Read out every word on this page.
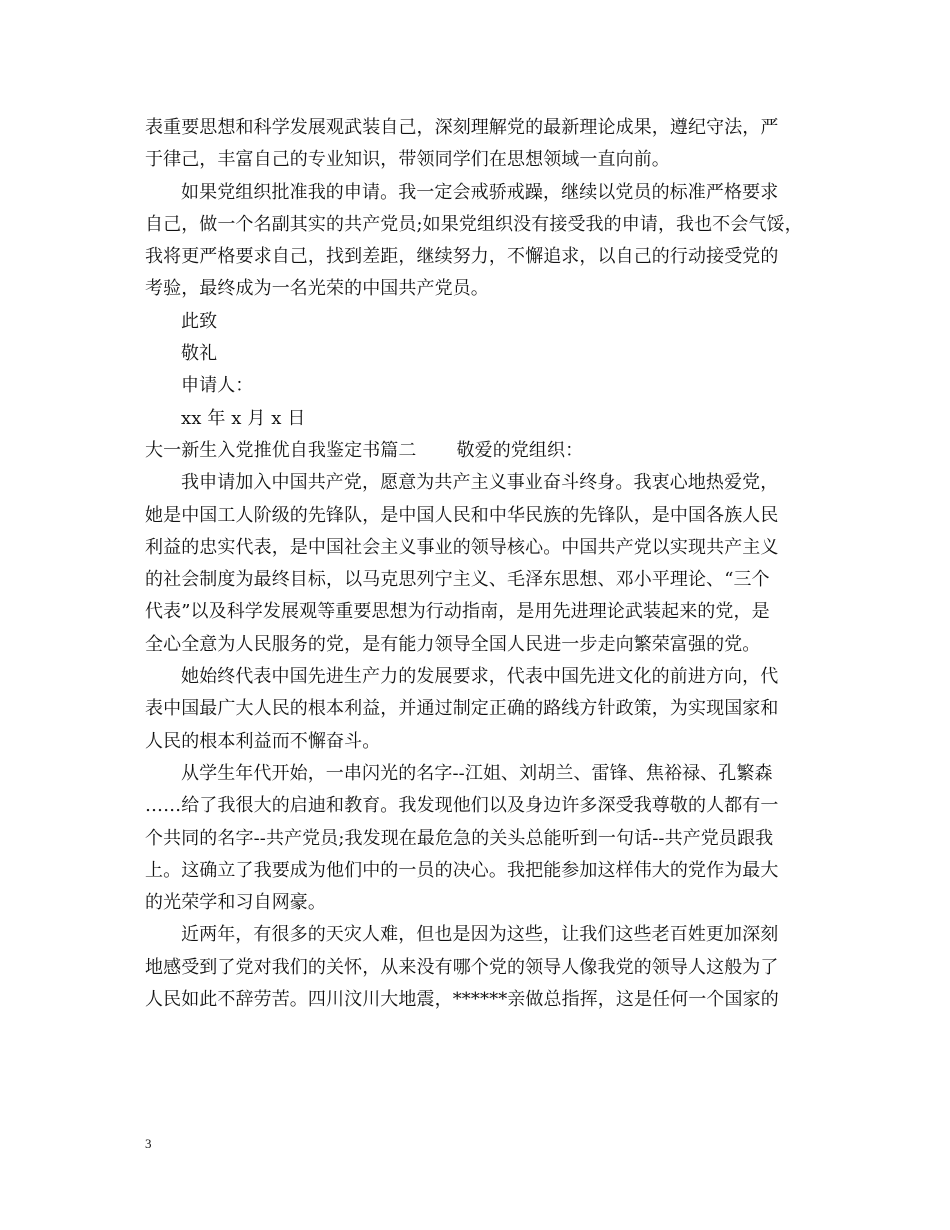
表重要思想和科学发展观武装自己，深刻理解党的最新理论成果，遵纪守法，严
于律己，丰富自己的专业知识，带领同学们在思想领域一直向前。
如果党组织批准我的申请。我一定会戒骄戒躁，继续以党员的标准严格要求
自己，做一个名副其实的共产党员;如果党组织没有接受我的申请，我也不会气馁，
我将更严格要求自己，找到差距，继续努力，不懈追求，以自己的行动接受党的
考验，最终成为一名光荣的中国共产党员。
此致
敬礼
申请人：
xx 年 x 月 x 日
大一新生入党推优自我鉴定书篇二 敬爱的党组织：
我申请加入中国共产党，愿意为共产主义事业奋斗终身。我衷心地热爱党，
她是中国工人阶级的先锋队，是中国人民和中华民族的先锋队，是中国各族人民
利益的忠实代表，是中国社会主义事业的领导核心。中国共产党以实现共产主义
的社会制度为最终目标，以马克思列宁主义、毛泽东思想、邓小平理论、“三个
代表”以及科学发展观等重要思想为行动指南，是用先进理论武装起来的党，是
全心全意为人民服务的党，是有能力领导全国人民进一步走向繁荣富强的党。
她始终代表中国先进生产力的发展要求，代表中国先进文化的前进方向，代
表中国最广大人民的根本利益，并通过制定正确的路线方针政策，为实现国家和
人民的根本利益而不懈奋斗。
从学生年代开始，一串闪光的名字--江姐、刘胡兰、雷锋、焦裕禄、孔繁森
……给了我很大的启迪和教育。我发现他们以及身边许多深受我尊敬的人都有一
个共同的名字--共产党员;我发现在最危急的关头总能听到一句话--共产党员跟我
上。这确立了我要成为他们中的一员的决心。我把能参加这样伟大的党作为最大
的光荣学和习自网豪。
近两年，有很多的天灾人难，但也是因为这些，让我们这些老百姓更加深刻
地感受到了党对我们的关怀，从来没有哪个党的领导人像我党的领导人这般为了
人民如此不辞劳苦。四川汶川大地震，******亲做总指挥，这是任何一个国家的
3
